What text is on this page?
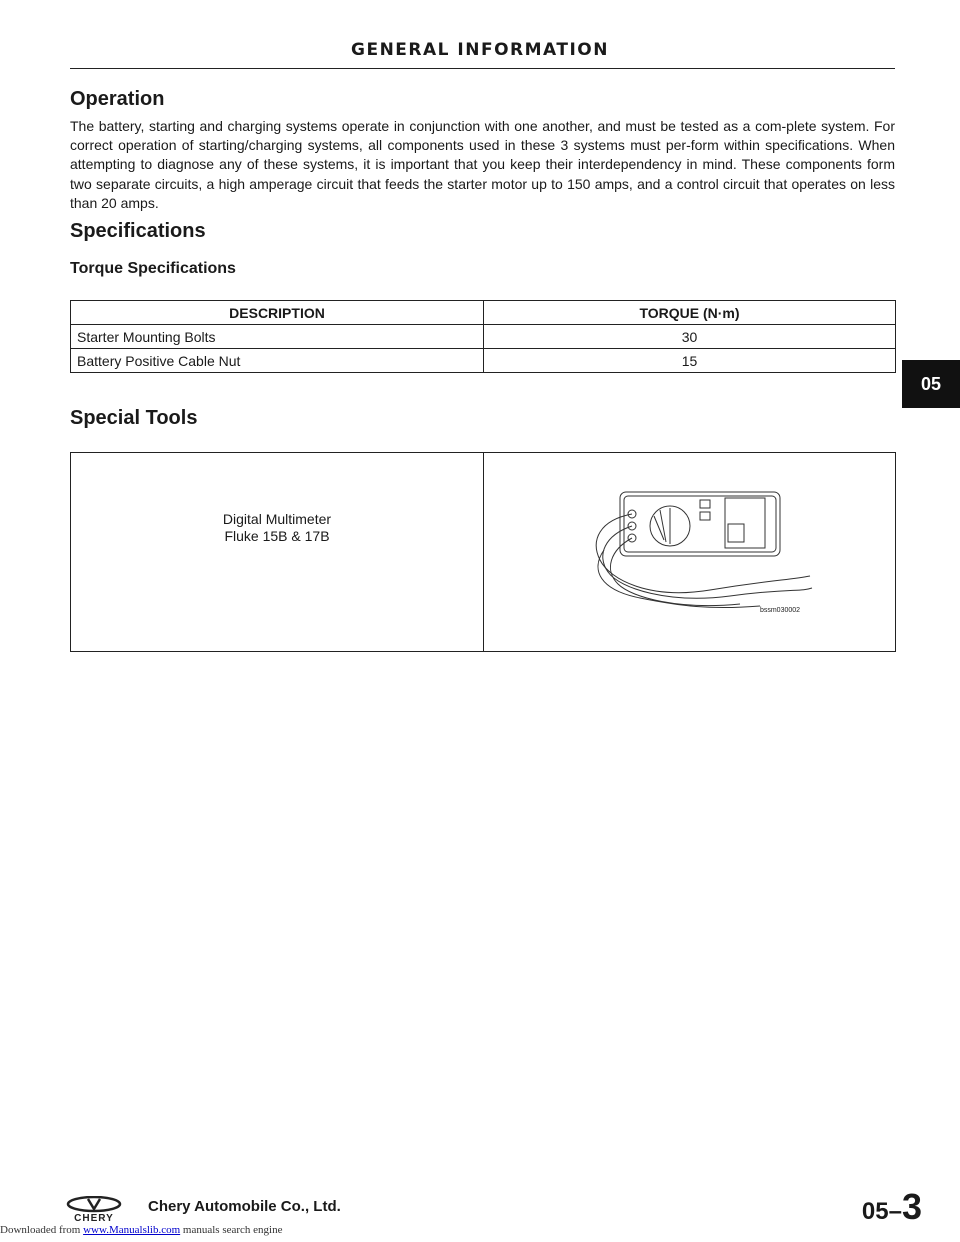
GENERAL INFORMATION
Operation

The battery, starting and charging systems operate in conjunction with one another, and must be tested as a com-plete system. For correct operation of starting/charging systems, all components used in these 3 systems must per-form within specifications. When attempting to diagnose any of these systems, it is important that you keep their interdependency in mind. These components form two separate circuits, a high amperage circuit that feeds the starter motor up to 150 amps, and a control circuit that operates on less than 20 amps.

Specifications
Torque Specifications
DESCRIPTION	TORQUE (N·m)
Starter Mounting Bolts	30
Battery Positive Cable Nut	15
Special Tools
Digital Multimeter
Fluke 15B & 17B

bssm030002
05
CHERY
Chery Automobile Co., Ltd.	05–3
Downloaded from www.Manualslib.com manuals search engine
